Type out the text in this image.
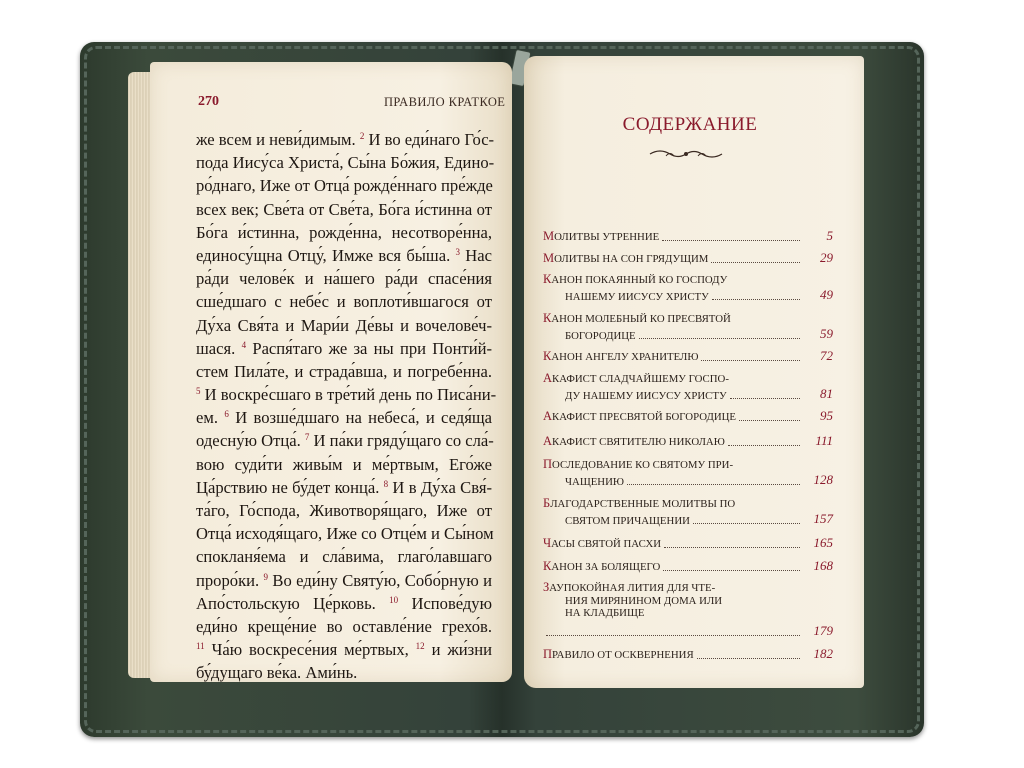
270	ПРАВИЛО КРАТКОЕ
же всем и неви́димым. $^2$ И во еди́наго Го́с-
пода Иису́са Христа́, Сы́на Бо́жия, Едино-
ро́днаго, Иже от Отца́ рожде́ннаго пре́жде
всех век; Све́та от Све́та, Бо́га и́стинна от
Бо́га и́стинна, рожде́нна, несотворе́нна,
единосу́щна Отцу́, Имже вся бы́ша. $^3$ Нас
ра́ди челове́к и на́шего ра́ди спасе́ния
сше́дшаго с небе́с и воплоти́вшагося от
Ду́ха Свя́та и Мари́и Де́вы и вочелове́ч-
шася. $^4$ Распя́таго же за ны при Понти́й-
стем Пила́те, и страда́вша, и погребе́нна.
$^5$ И воскре́сшаго в тре́тий день по Писа́ни-
ем. $^6$ И возше́дшаго на небеса́, и седя́ща
одесну́ю Отца́. $^7$ И па́ки гряду́щаго со сла́-
вою суди́ти живы́м и ме́ртвым, Его́же
Ца́рствию не бу́дет конца́. $^8$ И в Ду́ха Свя́-
та́го, Го́спода, Животворя́щаго, Иже от
Отца́ исходя́щаго, Иже со Отце́м и Сы́ном
спокланя́ема и сла́вима, глаго́лавшаго
проро́ки. $^9$ Во еди́ну Святу́ю, Собо́рную и
Апо́стольскую Це́рковь. $^{10}$ Испове́дую
еди́но креще́ние во оставле́ние грехо́в.
$^{11}$ Ча́ю воскресе́ния ме́ртвых, $^{12}$ и жи́зни
бу́дущаго ве́ка. Ами́нь.
СОДЕРЖАНИЕ
МОЛИТВЫ УТРЕННИЕ	5
МОЛИТВЫ НА СОН ГРЯДУЩИМ	29
КАНОН ПОКАЯННЫЙ КО ГОСПОДУ
НАШЕМУ ИИСУСУ ХРИСТУ	49
КАНОН МОЛЕБНЫЙ КО ПРЕСВЯТОЙ
БОГОРОДИЦЕ	59
КАНОН АНГЕЛУ ХРАНИТЕЛЮ	72
АКАФИСТ СЛАДЧАЙШЕМУ ГОСПО-
ДУ НАШЕМУ ИИСУСУ ХРИСТУ	81
АКАФИСТ ПРЕСВЯТОЙ БОГОРОДИЦЕ	95
АКАФИСТ СВЯТИТЕЛЮ НИКОЛАЮ	111
ПОСЛЕДОВАНИЕ КО СВЯТОМУ ПРИ-
ЧАЩЕНИЮ	128
БЛАГОДАРСТВЕННЫЕ МОЛИТВЫ ПО
СВЯТОМ ПРИЧАЩЕНИИ	157
ЧАСЫ СВЯТОЙ ПАСХИ	165
КАНОН ЗА БОЛЯЩЕГО	168
ЗАУПОКОЙНАЯ ЛИТИЯ ДЛЯ ЧТЕ-
НИЯ МИРЯНИНОМ ДОМА ИЛИ
НА КЛАДБИЩЕ
179
ПРАВИЛО ОТ ОСКВЕРНЕНИЯ	182
